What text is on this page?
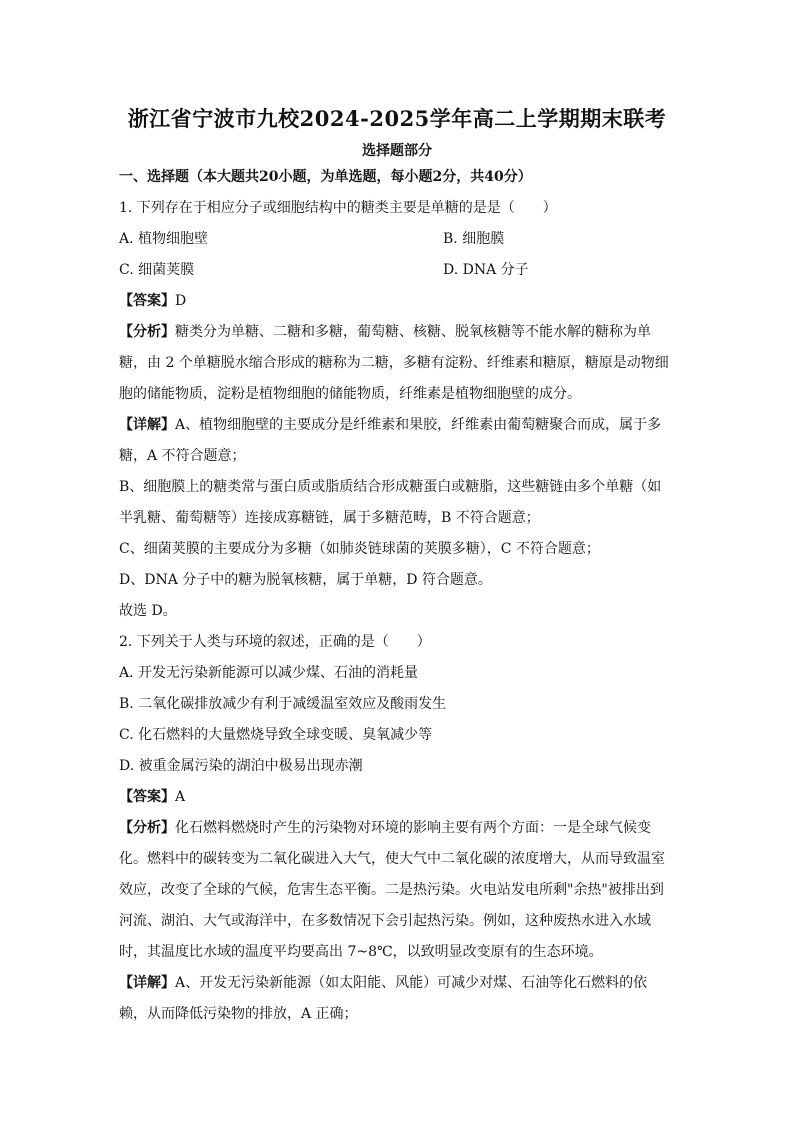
浙江省宁波市九校2024-2025学年高二上学期期末联考
选择题部分
一、选择题（本大题共20小题，为单选题，每小题2分，共40分）
1. 下列存在于相应分子或细胞结构中的糖类主要是单糖的是是（　　）
A. 植物细胞壁	B. 细胞膜
C. 细菌荚膜	D. DNA 分子
【答案】D
【分析】糖类分为单糖、二糖和多糖，葡萄糖、核糖、脱氧核糖等不能水解的糖称为单
糖，由 2 个单糖脱水缩合形成的糖称为二糖，多糖有淀粉、纤维素和糖原，糖原是动物细
胞的储能物质，淀粉是植物细胞的储能物质，纤维素是植物细胞壁的成分。
【详解】A、植物细胞壁的主要成分是纤维素和果胶，纤维素由葡萄糖聚合而成，属于多
糖，A 不符合题意；
B、细胞膜上的糖类常与蛋白质或脂质结合形成糖蛋白或糖脂，这些糖链由多个单糖（如
半乳糖、葡萄糖等）连接成寡糖链，属于多糖范畴，B 不符合题意；
C、细菌荚膜的主要成分为多糖（如肺炎链球菌的荚膜多糖），C 不符合题意；
D、DNA 分子中的糖为脱氧核糖，属于单糖，D 符合题意。
故选 D。
2. 下列关于人类与环境的叙述，正确的是（　　）
A. 开发无污染新能源可以减少煤、石油的消耗量
B. 二氧化碳排放减少有利于减缓温室效应及酸雨发生
C. 化石燃料的大量燃烧导致全球变暖、臭氧减少等
D. 被重金属污染的湖泊中极易出现赤潮
【答案】A
【分析】化石燃料燃烧时产生的污染物对环境的影响主要有两个方面：一是全球气候变
化。燃料中的碳转变为二氧化碳进入大气，使大气中二氧化碳的浓度增大，从而导致温室
效应，改变了全球的气候，危害生态平衡。二是热污染。火电站发电所剩"余热"被排出到
河流、湖泊、大气或海洋中，在多数情况下会引起热污染。例如，这种废热水进入水域
时，其温度比水域的温度平均要高出 7~8℃，以致明显改变原有的生态环境。
【详解】A、开发无污染新能源（如太阳能、风能）可减少对煤、石油等化石燃料的依
赖，从而降低污染物的排放，A 正确；
